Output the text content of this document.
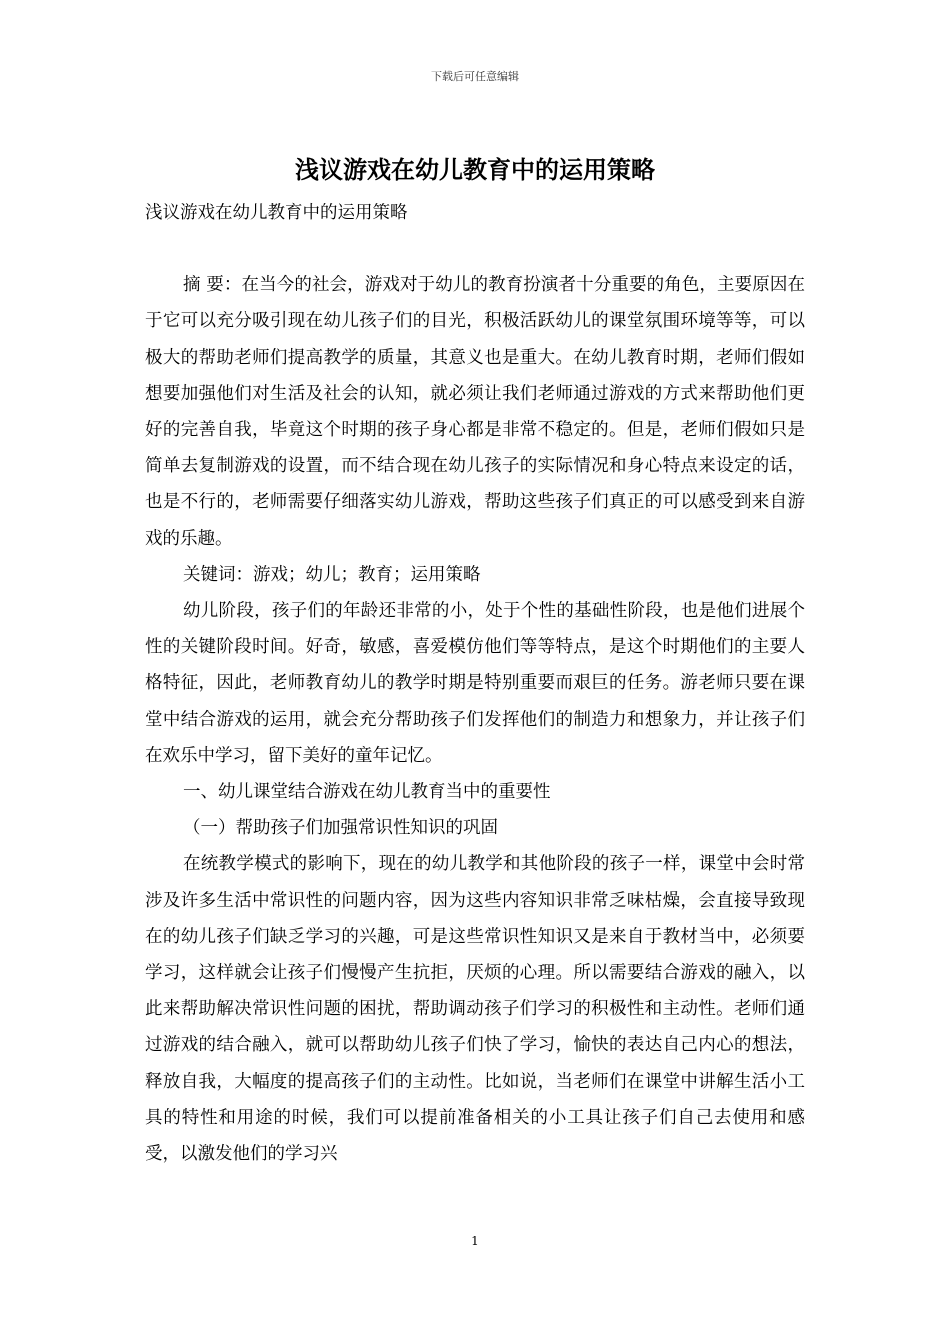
下载后可任意编辑
浅议游戏在幼儿教育中的运用策略

浅议游戏在幼儿教育中的运用策略

摘 要：在当今的社会，游戏对于幼儿的教育扮演者十分重要的角色，主要原因在于它可以充分吸引现在幼儿孩子们的目光，积极活跃幼儿的课堂氛围环境等等，可以极大的帮助老师们提高教学的质量，其意义也是重大。在幼儿教育时期，老师们假如想要加强他们对生活及社会的认知，就必须让我们老师通过游戏的方式来帮助他们更好的完善自我，毕竟这个时期的孩子身心都是非常不稳定的。但是，老师们假如只是简单去复制游戏的设置，而不结合现在幼儿孩子的实际情况和身心特点来设定的话，也是不行的，老师需要仔细落实幼儿游戏，帮助这些孩子们真正的可以感受到来自游戏的乐趣。

关键词：游戏；幼儿；教育；运用策略

幼儿阶段，孩子们的年龄还非常的小，处于个性的基础性阶段，也是他们进展个性的关键阶段时间。好奇，敏感，喜爱模仿他们等等特点，是这个时期他们的主要人格特征，因此，老师教育幼儿的教学时期是特别重要而艰巨的任务。游老师只要在课堂中结合游戏的运用，就会充分帮助孩子们发挥他们的制造力和想象力，并让孩子们在欢乐中学习，留下美好的童年记忆。

一、幼儿课堂结合游戏在幼儿教育当中的重要性

（一）帮助孩子们加强常识性知识的巩固

在统教学模式的影响下，现在的幼儿教学和其他阶段的孩子一样，课堂中会时常涉及许多生活中常识性的问题内容，因为这些内容知识非常乏味枯燥，会直接导致现在的幼儿孩子们缺乏学习的兴趣，可是这些常识性知识又是来自于教材当中，必须要学习，这样就会让孩子们慢慢产生抗拒，厌烦的心理。所以需要结合游戏的融入，以此来帮助解决常识性问题的困扰，帮助调动孩子们学习的积极性和主动性。老师们通过游戏的结合融入，就可以帮助幼儿孩子们快了学习，愉快的表达自己内心的想法，释放自我，大幅度的提高孩子们的主动性。比如说，当老师们在课堂中讲解生活小工具的特性和用途的时候，我们可以提前准备相关的小工具让孩子们自己去使用和感受，以激发他们的学习兴

1
